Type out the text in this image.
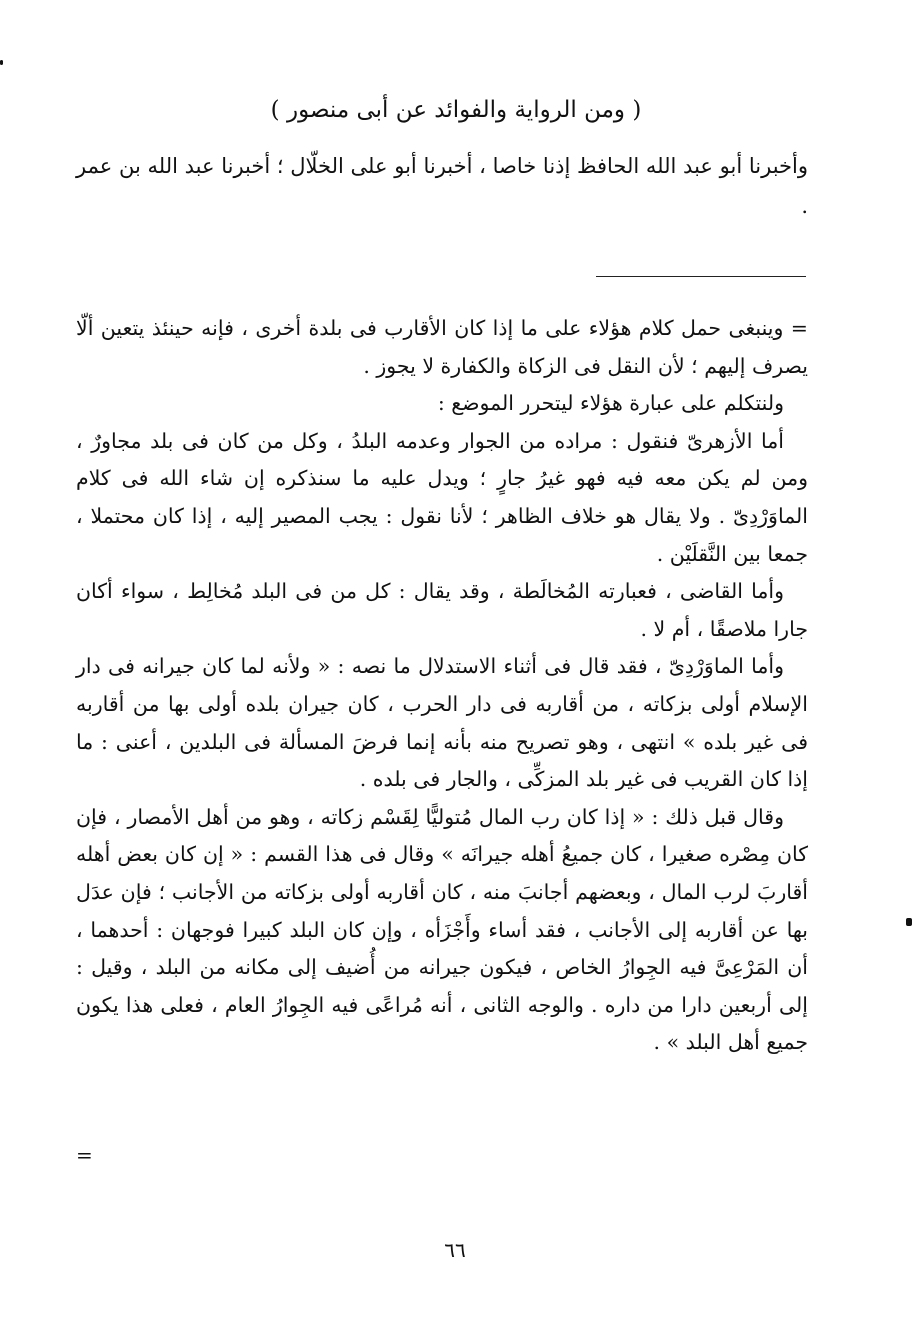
( ومن الرواية والفوائد عن أبى منصور )

وأخبرنا أبو عبد الله الحافظ إذنا خاصا ، أخبرنا أبو على الخلّال ؛ أخبرنا عبد الله بن عمر .

= وينبغى حمل كلام هؤلاء على ما إذا كان الأقارب فى بلدة أخرى ، فإنه حينئذ يتعين ألّا يصرف إليهم ؛ لأن النقل فى الزكاة والكفارة لا يجوز .

ولنتكلم على عبارة هؤلاء ليتحرر الموضع :

أما الأزهرىّ فنقول : مراده من الجوار وعدمه البلدُ ، وكل من كان فى بلد مجاورٌ ، ومن لم يكن معه فيه فهو غيرُ جارٍ ؛ ويدل عليه ما سنذكره إن شاء الله فى كلام الماوَرْدِىّ . ولا يقال هو خلاف الظاهر ؛ لأنا نقول : يجب المصير إليه ، إذا كان محتملا ، جمعا بين النَّقلَيْن .

وأما القاضى ، فعبارته المُخالَطة ، وقد يقال : كل من فى البلد مُخالِط ، سواء أكان جارا ملاصقًا ، أم لا .

وأما الماوَرْدِىّ ، فقد قال فى أثناء الاستدلال ما نصه : « ولأنه لما كان جيرانه فى دار الإسلام أولى بزكاته ، من أقاربه فى دار الحرب ، كان جيران بلده أولى بها من أقاربه فى غير بلده » انتهى ، وهو تصريح منه بأنه إنما فرضَ المسألة فى البلدين ، أعنى : ما إذا كان القريب فى غير بلد المزكِّى ، والجار فى بلده .

وقال قبل ذلك : « إذا كان رب المال مُتوليًّا لِقَسْم زكاته ، وهو من أهل الأمصار ، فإن كان مِصْره صغيرا ، كان جميعُ أهله جيرانَه » وقال فى هذا القسم : « إن كان بعض أهله أقاربَ لرب المال ، وبعضهم أجانبَ منه ، كان أقاربه أولى بزكاته من الأجانب ؛ فإن عدَل بها عن أقاربه إلى الأجانب ، فقد أساء وأَجْزَأه ، وإن كان البلد كبيرا فوجهان : أحدهما ، أن المَرْعِىَّ فيه الجِوارُ الخاص ، فيكون جيرانه من أُضيف إلى مكانه من البلد ، وقيل : إلى أربعين دارا من داره . والوجه الثانى ، أنه مُراعًى فيه الجِوارُ العام ، فعلى هذا يكون جميع أهل البلد » .

=
٦٦
